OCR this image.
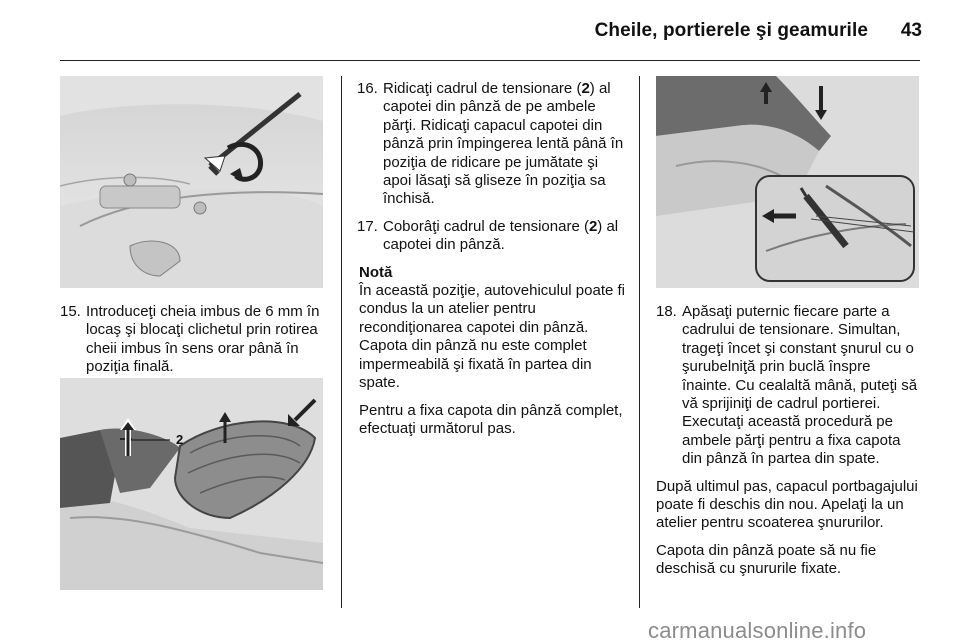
Cheile, portierele şi geamurile 43
2
15. Introduceţi cheia imbus de 6 mm în locaş şi blocaţi clichetul prin rotirea cheii imbus în sens orar până în poziţia finală.
16. Ridicaţi cadrul de tensionare (2) al capotei din pânză de pe ambele părţi. Ridicaţi capacul capotei din pânză prin împingerea lentă până în poziţia de ridicare pe jumătate şi apoi lăsaţi să gliseze în poziţia sa închisă.
17. Coborâţi cadrul de tensionare (2) al capotei din pânză.
Notă
În această poziţie, autovehiculul poate fi condus la un atelier pentru recondiţionarea capotei din pânză. Capota din pânză nu este complet impermeabilă şi fixată în partea din spate.
Pentru a fixa capota din pânză complet, efectuaţi următorul pas.
18. Apăsaţi puternic fiecare parte a cadrului de tensionare. Simultan, trageţi încet şi constant şnurul cu o şurubelniţă prin buclă înspre înainte. Cu cealaltă mână, puteţi să vă sprijiniţi de cadrul portierei. Executaţi această procedură pe ambele părţi pentru a fixa capota din pânză în partea din spate.
După ultimul pas, capacul portbagajului poate fi deschis din nou. Apelaţi la un atelier pentru scoaterea şnururilor.
Capota din pânză poate să nu fie deschisă cu şnururile fixate.
carmanualsonline.info
